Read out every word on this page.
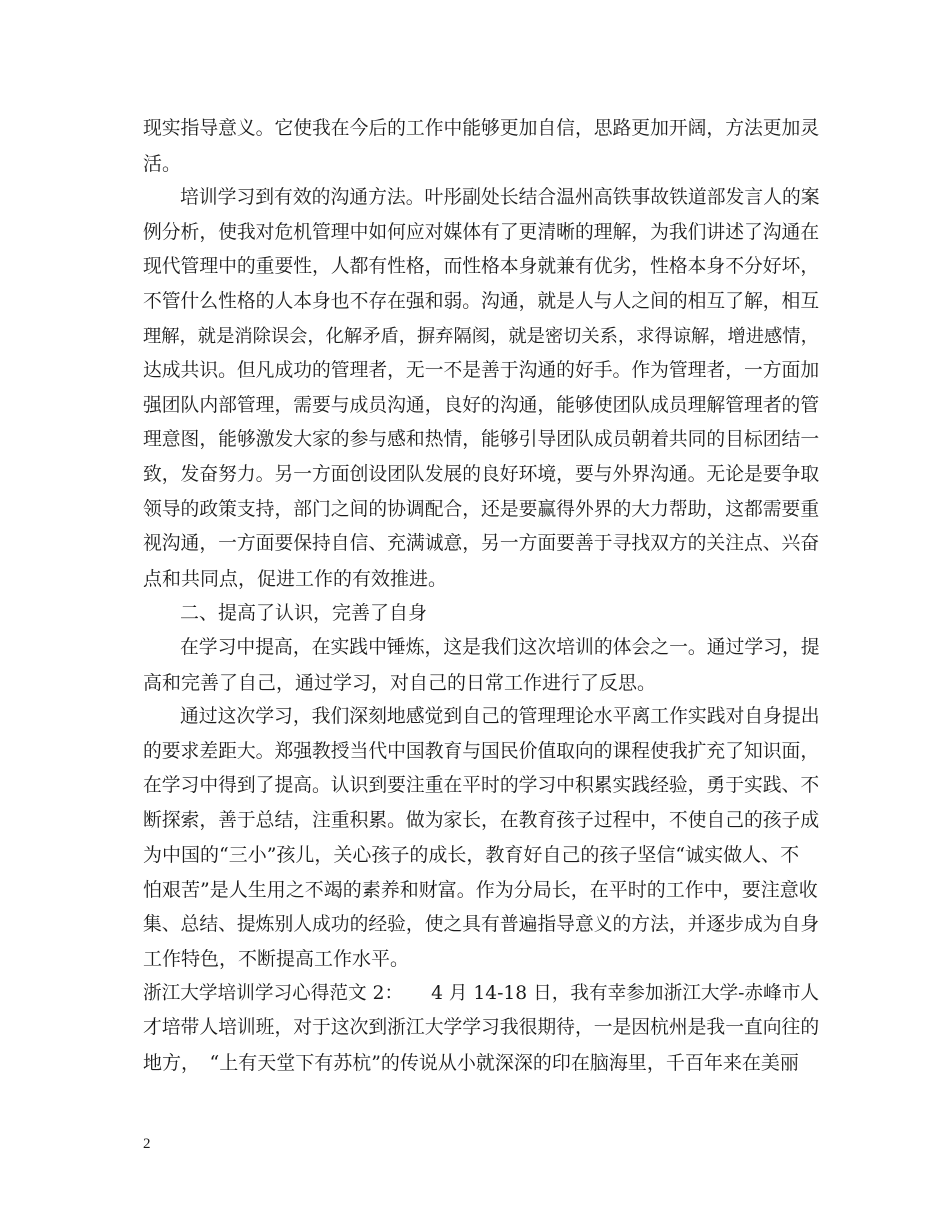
现实指导意义。它使我在今后的工作中能够更加自信，思路更加开阔，方法更加灵
活。
培训学习到有效的沟通方法。叶彤副处长结合温州高铁事故铁道部发言人的案
例分析，使我对危机管理中如何应对媒体有了更清晰的理解，为我们讲述了沟通在
现代管理中的重要性，人都有性格，而性格本身就兼有优劣，性格本身不分好坏，
不管什么性格的人本身也不存在强和弱。沟通，就是人与人之间的相互了解，相互
理解，就是消除误会，化解矛盾，摒弃隔阂，就是密切关系，求得谅解，增进感情，
达成共识。但凡成功的管理者，无一不是善于沟通的好手。作为管理者，一方面加
强团队内部管理，需要与成员沟通，良好的沟通，能够使团队成员理解管理者的管
理意图，能够激发大家的参与感和热情，能够引导团队成员朝着共同的目标团结一
致，发奋努力。另一方面创设团队发展的良好环境，要与外界沟通。无论是要争取
领导的政策支持，部门之间的协调配合，还是要赢得外界的大力帮助，这都需要重
视沟通，一方面要保持自信、充满诚意，另一方面要善于寻找双方的关注点、兴奋
点和共同点，促进工作的有效推进。
二、提高了认识，完善了自身
在学习中提高，在实践中锤炼，这是我们这次培训的体会之一。通过学习，提
高和完善了自己，通过学习，对自己的日常工作进行了反思。
通过这次学习，我们深刻地感觉到自己的管理理论水平离工作实践对自身提出
的要求差距大。郑强教授当代中国教育与国民价值取向的课程使我扩充了知识面，
在学习中得到了提高。认识到要注重在平时的学习中积累实践经验，勇于实践、不
断探索，善于总结，注重积累。做为家长，在教育孩子过程中，不使自己的孩子成
为中国的“三小”孩儿，关心孩子的成长，教育好自己的孩子坚信“诚实做人、不
怕艰苦”是人生用之不竭的素养和财富。作为分局长，在平时的工作中，要注意收
集、总结、提炼别人成功的经验，使之具有普遍指导意义的方法，并逐步成为自身
工作特色，不断提高工作水平。
浙江大学培训学习心得范文 2：　　4 月 14-18 日，我有幸参加浙江大学-赤峰市人
才培带人培训班，对于这次到浙江大学学习我很期待，一是因杭州是我一直向往的
地方，　“上有天堂下有苏杭”的传说从小就深深的印在脑海里，千百年来在美丽
2
